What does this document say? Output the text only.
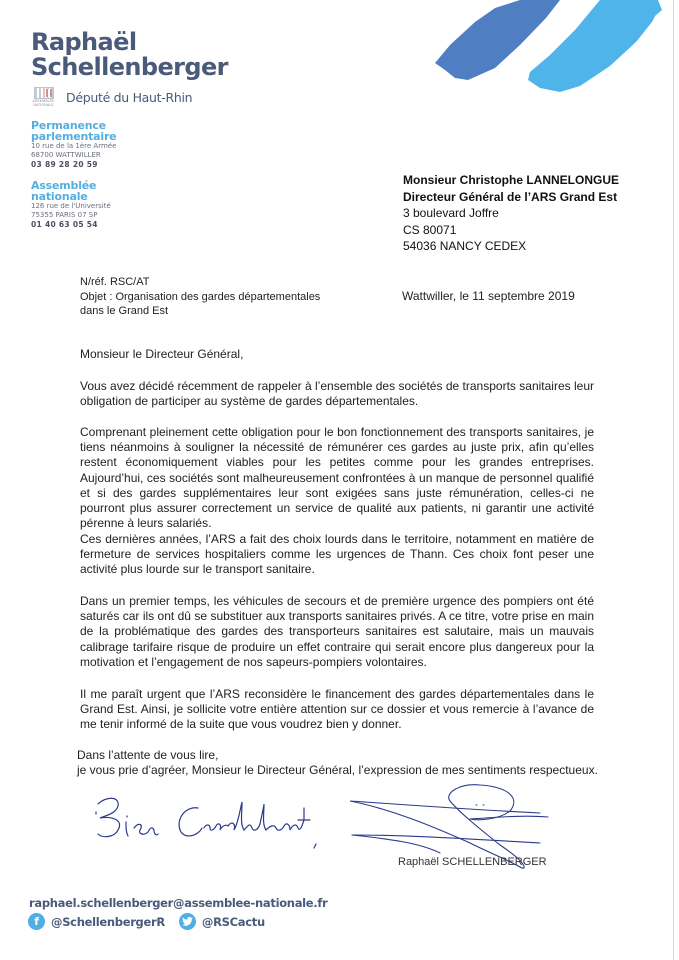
Raphaël
Schellenberger
ASSEMBLÉE NATIONALE
Député du Haut-Rhin
Permanence
parlementaire
10 rue de la 1ère Armée
68700 WATTWILLER
03 89 28 20 59
Assemblée
nationale
126 rue de l'Université
75355 PARIS 07 SP
01 40 63 05 54
Monsieur Christophe LANNELONGUE
Directeur Général de l’ARS Grand Est
3 boulevard Joffre
CS 80071
54036 NANCY CEDEX
N/réf. RSC/AT
Objet : Organisation des gardes départementales
dans le Grand Est
Wattwiller, le 11 septembre 2019
Monsieur le Directeur Général,
Vous avez décidé récemment de rappeler à l’ensemble des sociétés de transports sanitaires leur obligation de participer au système de gardes départementales.
Comprenant pleinement cette obligation pour le bon fonctionnement des transports sanitaires, je tiens néanmoins à souligner la nécessité de rémunérer ces gardes au juste prix, afin qu’elles restent économiquement viables pour les petites comme pour les grandes entreprises. Aujourd’hui, ces sociétés sont malheureusement confrontées à un manque de personnel qualifié et si des gardes supplémentaires leur sont exigées sans juste rémunération, celles-ci ne pourront plus assurer correctement un service de qualité aux patients, ni garantir une activité pérenne à leurs salariés.
Ces dernières années, l’ARS a fait des choix lourds dans le territoire, notamment en matière de fermeture de services hospitaliers comme les urgences de Thann. Ces choix font peser une activité plus lourde sur le transport sanitaire.
Dans un premier temps, les véhicules de secours et de première urgence des pompiers ont été saturés car ils ont dû se substituer aux transports sanitaires privés. A ce titre, votre prise en main de la problématique des gardes des transporteurs sanitaires est salutaire, mais un mauvais calibrage tarifaire risque de produire un effet contraire qui serait encore plus dangereux pour la motivation et l’engagement de nos sapeurs-pompiers volontaires.
Il me paraît urgent que l’ARS reconsidère le financement des gardes départementales dans le Grand Est. Ainsi, je sollicite votre entière attention sur ce dossier et vous remercie à l’avance de me tenir informé de la suite que vous voudrez bien y donner.
Dans l’attente de vous lire,
je vous prie d’agréer, Monsieur le Directeur Général, l’expression de mes sentiments respectueux.
Raphaël SCHELLENBERGER
raphael.schellenberger@assemblee-nationale.fr
f	@SchellenbergerR	@RSCactu
